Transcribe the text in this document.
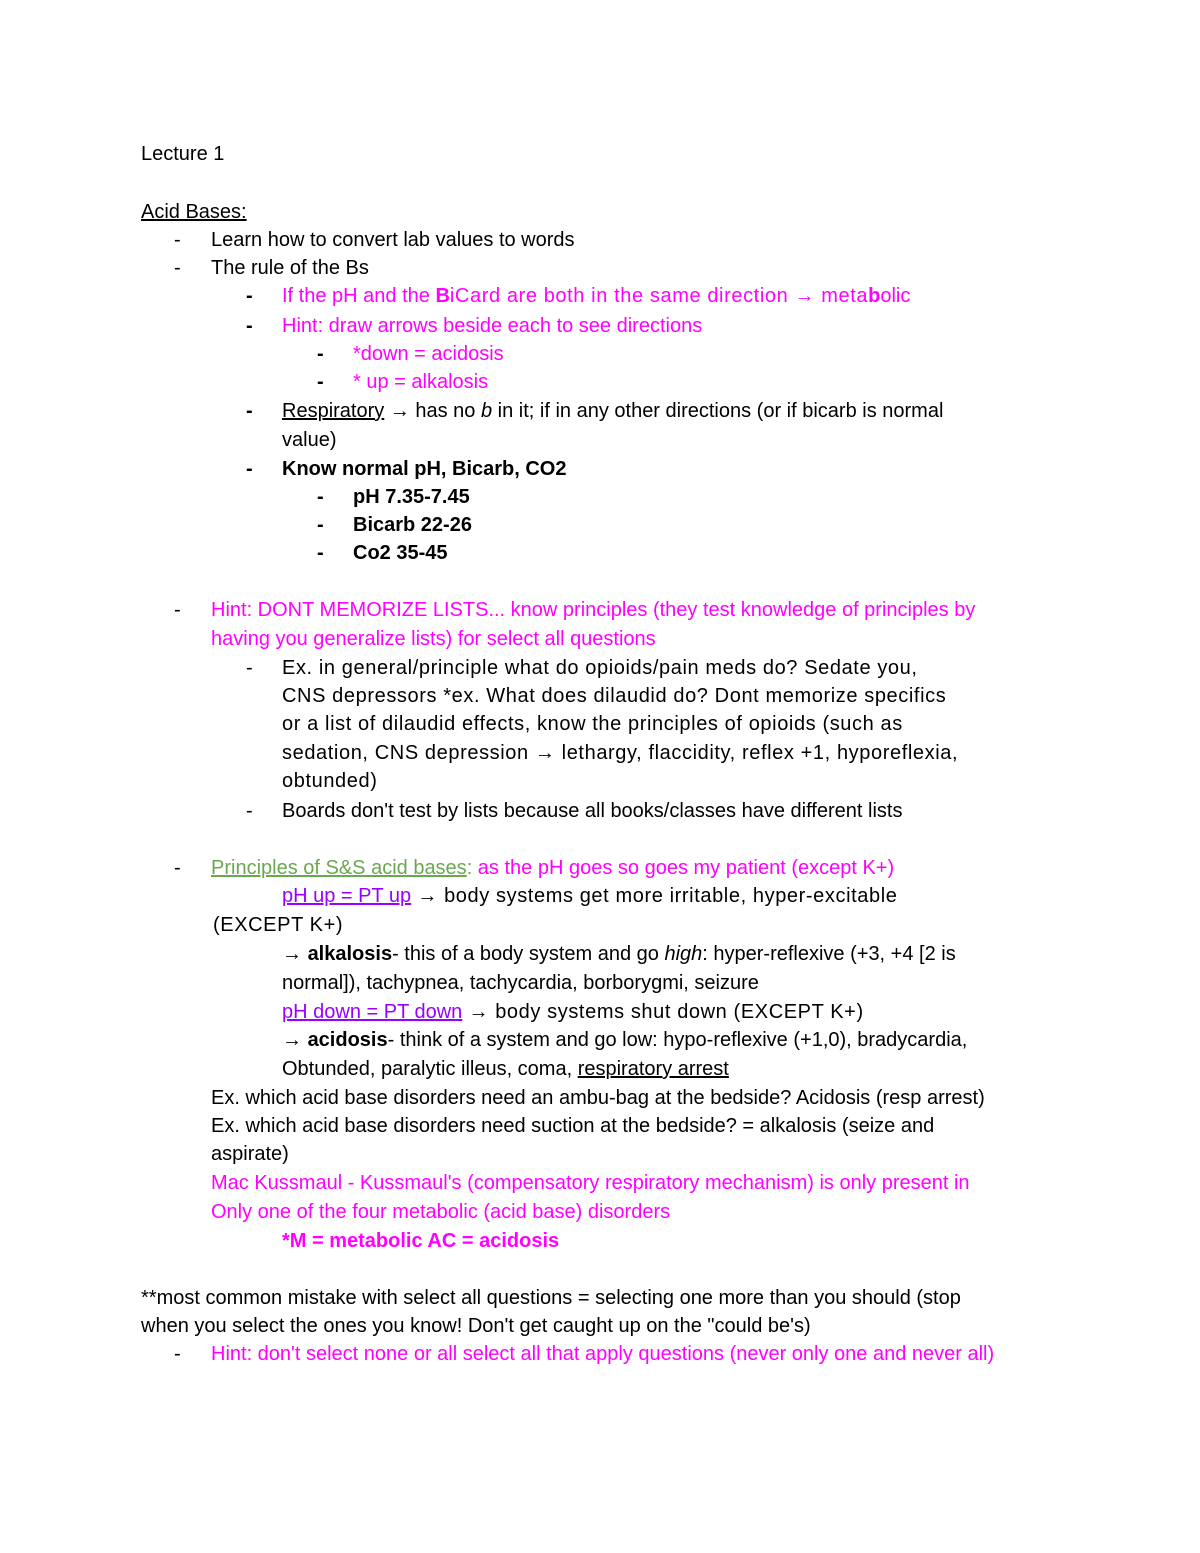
Lecture 1
Acid Bases:
- Learn how to convert lab values to words
- The rule of the Bs
- If the pH and the BiCard are both in the same direction → metabolic
- Hint: draw arrows beside each to see directions
- *down = acidosis
- * up = alkalosis
- Respiratory → has no b in it; if in any other directions (or if bicarb is normal
value)
- Know normal pH, Bicarb, CO2
- pH 7.35-7.45
- Bicarb 22-26
- Co2 35-45
- Hint: DONT MEMORIZE LISTS... know principles (they test knowledge of principles by
having you generalize lists) for select all questions
- Ex. in general/principle what do opioids/pain meds do? Sedate you,
CNS depressors *ex. What does dilaudid do? Dont memorize specifics
or a list of dilaudid effects, know the principles of opioids (such as
sedation, CNS depression → lethargy, flaccidity, reflex +1, hyporeflexia,
obtunded)
- Boards don't test by lists because all books/classes have different lists
- Principles of S&S acid bases: as the pH goes so goes my patient (except K+)
pH up = PT up → body systems get more irritable, hyper-excitable
(EXCEPT K+)
→ alkalosis- this of a body system and go high: hyper-reflexive (+3, +4 [2 is
normal]), tachypnea, tachycardia, borborygmi, seizure
pH down = PT down → body systems shut down (EXCEPT K+)
→ acidosis- think of a system and go low: hypo-reflexive (+1,0), bradycardia,
Obtunded, paralytic illeus, coma, respiratory arrest
Ex. which acid base disorders need an ambu-bag at the bedside? Acidosis (resp arrest)
Ex. which acid base disorders need suction at the bedside? = alkalosis (seize and
aspirate)
Mac Kussmaul - Kussmaul's (compensatory respiratory mechanism) is only present in
Only one of the four metabolic (acid base) disorders
*M = metabolic AC = acidosis
**most common mistake with select all questions = selecting one more than you should (stop
when you select the ones you know! Don't get caught up on the "could be's)
- Hint: don't select none or all select all that apply questions (never only one and never all)
